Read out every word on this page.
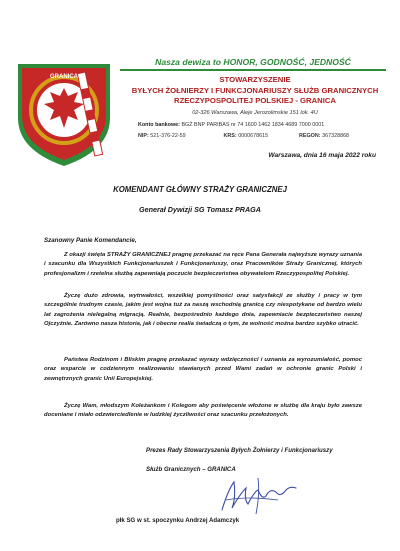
GRANICA
Nasza dewiza to HONOR, GODNOŚĆ, JEDNOŚĆ
STOWARZYSZENIE
BYŁYCH ŻOŁNIERZY I FUNKCJONARIUSZY SŁUŻB GRANICZNYCH
RZECZYPOSPOLITEJ POLSKIEJ - GRANICA
02-326 Warszawa, Aleje Jerozolimskie 151 lok. 4U
Konto bankowe: BGŻ BNP PARIBAS nr 74 1600 1462 1834 4689 7000 0001
NIP: 521-376-22-59	KRS: 0000678615	REGON: 367328868
Warszawa, dnia 16 maja 2022 roku
KOMENDANT GŁÓWNY STRAŻY GRANICZNEJ
Generał Dywizji SG Tomasz PRAGA
Szanowny Panie Komendancie,

Z okazji święta STRAŻY GRANICZNEJ pragnę przekazać na ręce Pana Generała najwyższe wyrazy uznania i szacunku dla Wszystkich Funkcjonariuszek i Funkcjonariuszy, oraz Pracowników Straży Granicznej, których profesjonalizm i rzetelna służbą zapewniają poczucie bezpieczeństwa obywatelom Rzeczypospolitej Polskiej.

Życzę dużo zdrowia, wytrwałości, wszelkiej pomyślności oraz satysfakcji ze służby i pracy w tym szczególnie trudnym czasie, jakim jest wojna tuż za naszą wschodnią granicą czy niespotykane od bardzo wielu lat zagrożenia nielegalną migracją. Realnie, bezpośrednio każdego dnia, zapewniacie bezpieczeństwo naszej Ojczyźnie. Zarówno nasza historia, jak i obecne realia świadczą o tym, że wolność można bardzo szybko utracić.

Państwa Rodzinom i Bliskim pragnę przekazać wyrazy wdzięczności i uznania za wyrozumiałość, pomoc oraz wsparcie w codziennym realizowaniu stawianych przed Wami zadań w ochronie granic Polski i zewnętrznych granic Unii Europejskiej.

Życzę Wam, młodszym Koleżankom i Kolegom aby poświęcenie włożone w służbę dla kraju było zawsze doceniane i miało odzwierciedlenie w ludzkiej życzliwości oraz szacunku przełożonych.

Prezes Rady Stowarzyszenia Byłych Żołnierzy i Funkcjonariuszy
Służb Granicznych – GRANICA
płk SG w st. spoczynku Andrzej Adamczyk
